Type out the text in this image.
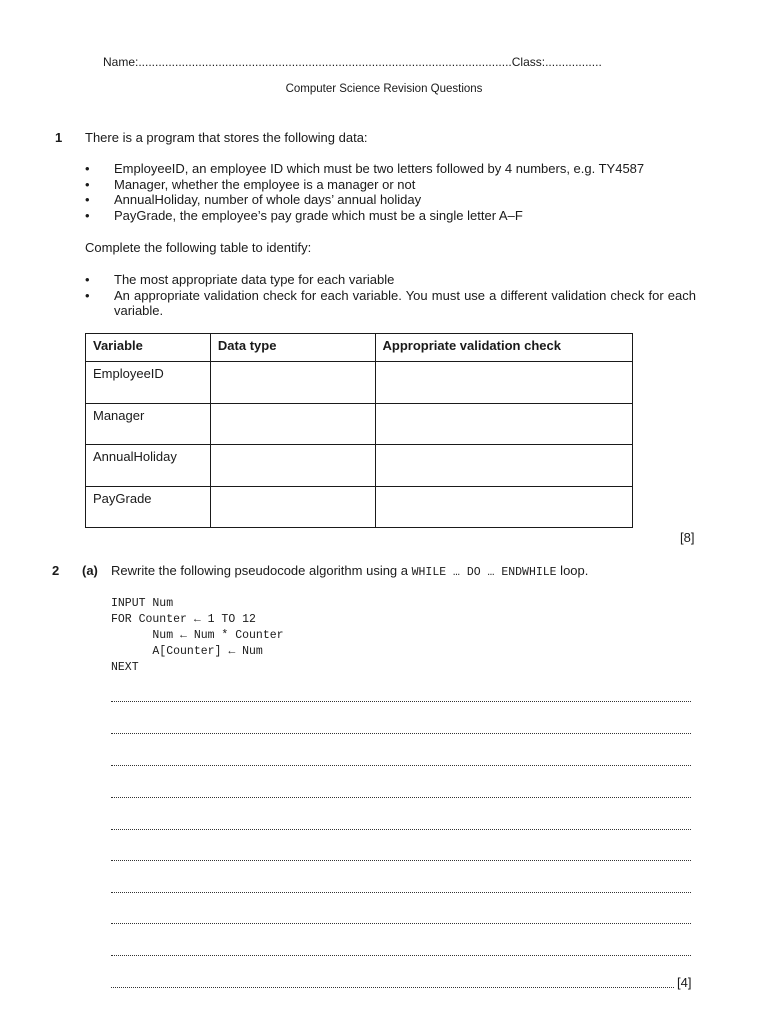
Name: ................................................................................................................ Class: .................
Computer Science Revision Questions
1 There is a program that stores the following data:
• EmployeeID, an employee ID which must be two letters followed by 4 numbers, e.g. TY4587
• Manager, whether the employee is a manager or not
• AnnualHoliday, number of whole days’ annual holiday
• PayGrade, the employee’s pay grade which must be a single letter A–F
Complete the following table to identify:
• The most appropriate data type for each variable
• An appropriate validation check for each variable. You must use a different validation check for each variable.
Variable	Data type	Appropriate validation check
EmployeeID		
Manager		
AnnualHoliday		
PayGrade		
[8]
2 (a) Rewrite the following pseudocode algorithm using a WHILE … DO … ENDWHILE loop.
INPUT Num
FOR Counter ← 1 TO 12
Num ← Num * Counter
A[Counter] ← Num
NEXT
[4]
